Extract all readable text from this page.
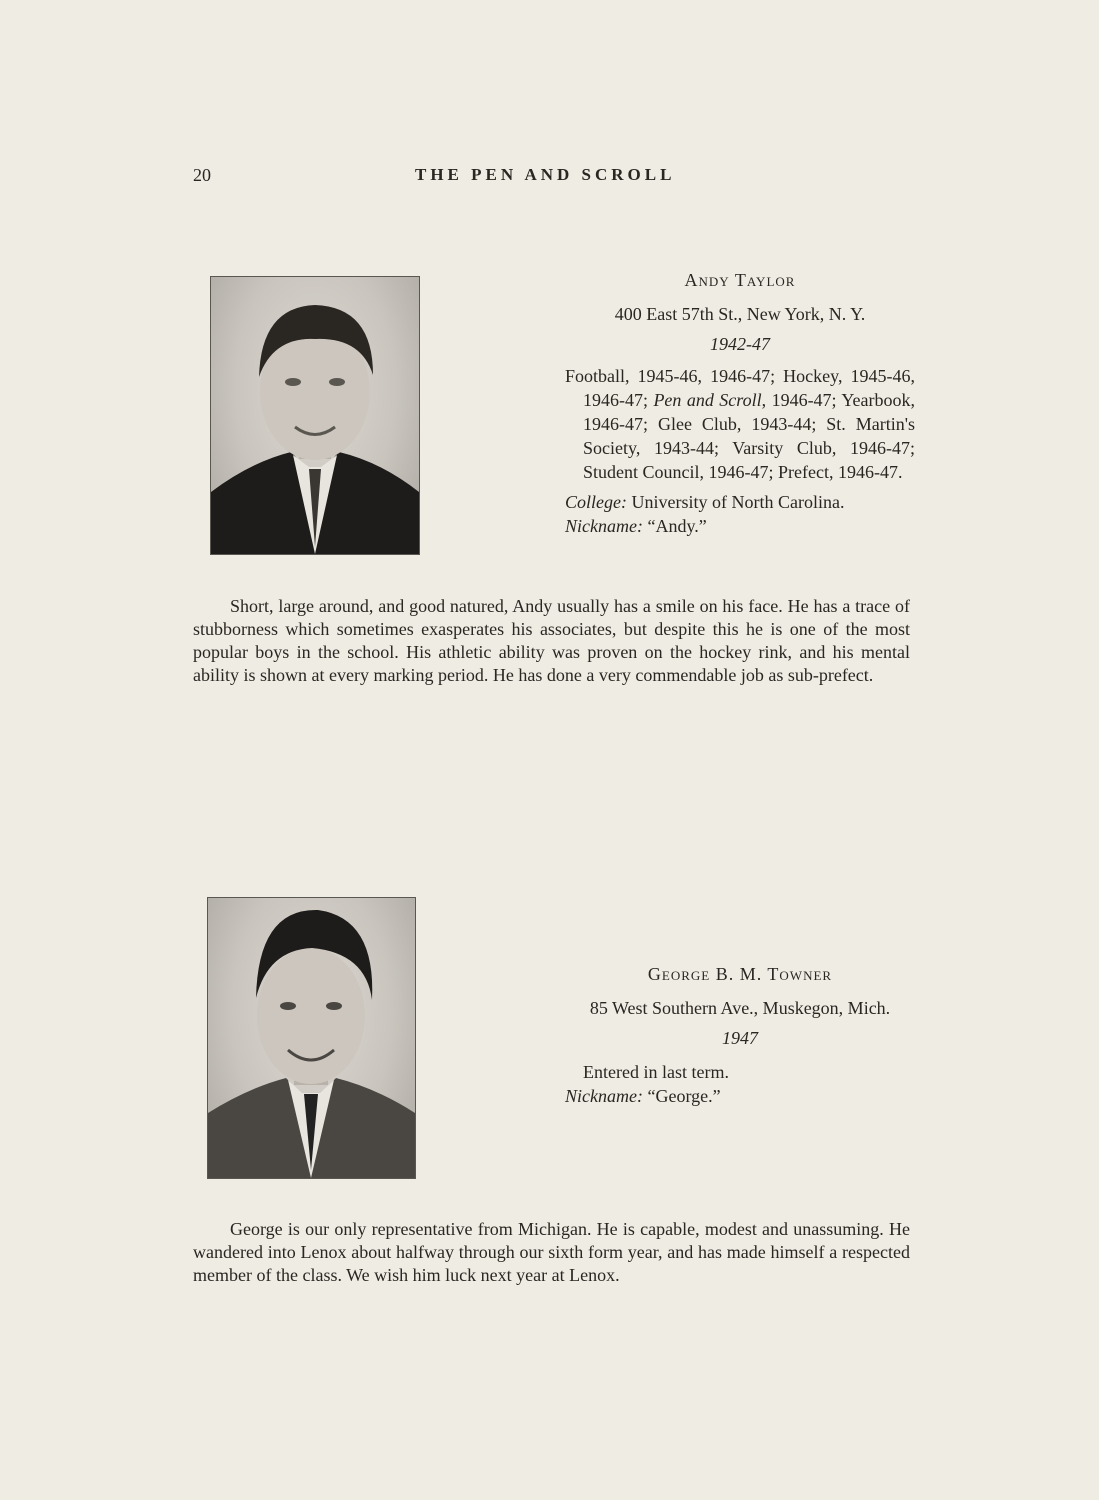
20	THE PEN AND SCROLL
Andy Taylor
400 East 57th St., New York, N. Y.
1942-47
Football, 1945-46, 1946-47; Hockey, 1945-46, 1946-47; Pen and Scroll, 1946-47; Yearbook, 1946-47; Glee Club, 1943-44; St. Martin's Society, 1943-44; Varsity Club, 1946-47; Student Council, 1946-47; Prefect, 1946-47.
College: University of North Carolina.
Nickname: “Andy.”
Short, large around, and good natured, Andy usually has a smile on his face. He has a trace of stubborness which sometimes exasperates his associates, but despite this he is one of the most popular boys in the school. His athletic ability was proven on the hockey rink, and his mental ability is shown at every marking period. He has done a very commendable job as sub-prefect.
George B. M. Towner
85 West Southern Ave., Muskegon, Mich.
1947
Entered in last term.
Nickname: “George.”
George is our only representative from Michigan. He is capable, modest and unassuming. He wandered into Lenox about halfway through our sixth form year, and has made himself a respected member of the class. We wish him luck next year at Lenox.
